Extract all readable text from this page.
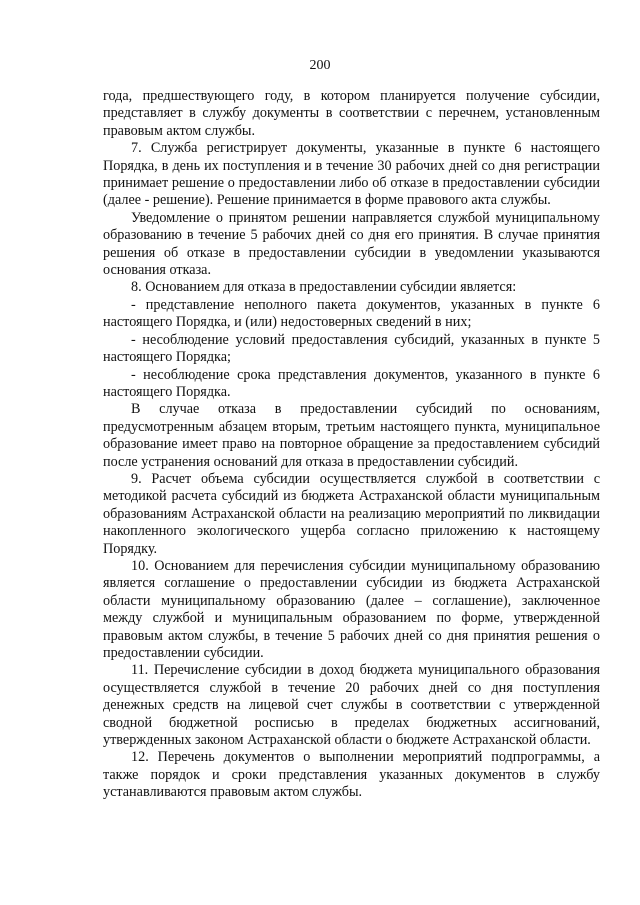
200

года, предшествующего году, в котором планируется получение субсидии, представляет в службу документы в соответствии с перечнем, установленным правовым актом службы.

7. Служба регистрирует документы, указанные в пункте 6 настоящего Порядка, в день их поступления и в течение 30 рабочих дней со дня регистрации принимает решение о предоставлении либо об отказе в предоставлении субсидии (далее - решение). Решение принимается в форме правового акта службы.

Уведомление о принятом решении направляется службой муниципальному образованию в течение 5 рабочих дней со дня его принятия. В случае принятия решения об отказе в предоставлении субсидии в уведомлении указываются основания отказа.

8. Основанием для отказа в предоставлении субсидии является:

- представление неполного пакета документов, указанных в пункте 6 настоящего Порядка, и (или) недостоверных сведений в них;

- несоблюдение условий предоставления субсидий, указанных в пункте 5 настоящего Порядка;

- несоблюдение срока представления документов, указанного в пункте 6 настоящего Порядка.

В случае отказа в предоставлении субсидий по основаниям, предусмотренным абзацем вторым, третьим настоящего пункта, муниципальное образование имеет право на повторное обращение за предоставлением субсидий после устранения оснований для отказа в предоставлении субсидий.

9. Расчет объема субсидии осуществляется службой в соответствии с методикой расчета субсидий из бюджета Астраханской области муниципальным образованиям Астраханской области на реализацию мероприятий по ликвидации накопленного экологического ущерба согласно приложению к настоящему Порядку.

10. Основанием для перечисления субсидии муниципальному образованию является соглашение о предоставлении субсидии из бюджета Астраханской области муниципальному образованию (далее – соглашение), заключенное между службой и муниципальным образованием по форме, утвержденной правовым актом службы, в течение 5 рабочих дней со дня принятия решения о предоставлении субсидии.

11. Перечисление субсидии в доход бюджета муниципального образования осуществляется службой в течение 20 рабочих дней со дня поступления денежных средств на лицевой счет службы в соответствии с утвержденной сводной бюджетной росписью в пределах бюджетных ассигнований, утвержденных законом Астраханской области о бюджете Астраханской области.

12. Перечень документов о выполнении мероприятий подпрограммы, а также порядок и сроки представления указанных документов в службу устанавливаются правовым актом службы.
